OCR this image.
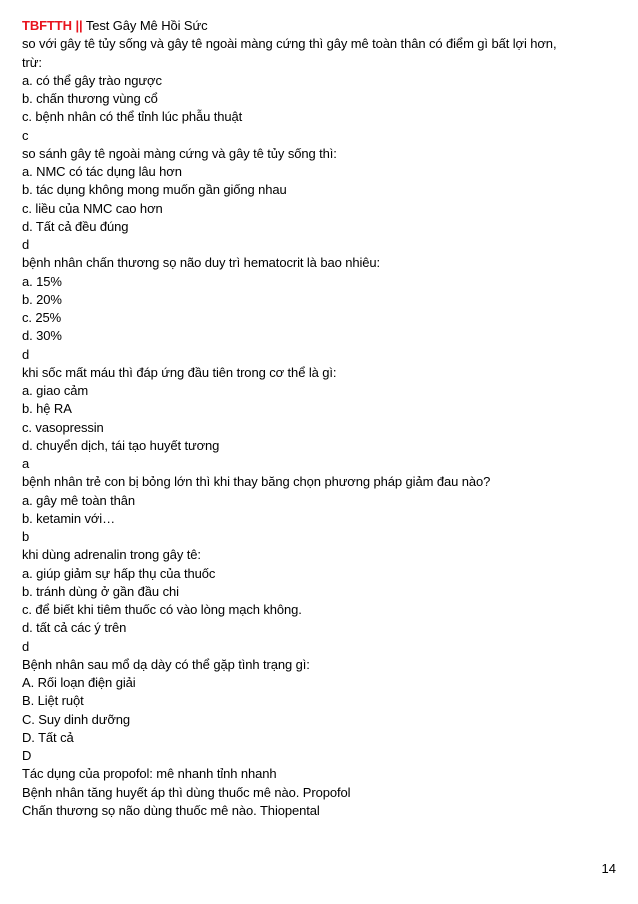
TBFTTH || Test Gây Mê Hồi Sức
so với gây tê tủy sống và gây tê ngoài màng cứng thì gây mê toàn thân có điểm gì bất lợi hơn,
trừ:
a. có thể gây trào ngược
b. chấn thương vùng cổ
c. bệnh nhân có thể tỉnh lúc phẫu thuật
c
so sánh gây tê ngoài màng cứng và gây tê tủy sống thì:
a. NMC có tác dụng lâu hơn
b. tác dụng không mong muốn gần giống nhau
c. liều của NMC cao hơn
d. Tất cả đều đúng
d
bệnh nhân chấn thương sọ não duy trì hematocrit là bao nhiêu:
a. 15%
b. 20%
c. 25%
d. 30%
d
khi sốc mất máu thì đáp ứng đầu tiên trong cơ thể là gì:
a. giao cảm
b. hệ RA
c. vasopressin
d. chuyển dịch, tái tạo huyết tương
a
bệnh nhân trẻ con bị bỏng lớn thì khi thay băng chọn phương pháp giảm đau nào?
a. gây mê toàn thân
b. ketamin với…
b
khi dùng adrenalin trong gây tê:
a. giúp giảm sự hấp thụ của thuốc
b. tránh dùng ở gần đầu chi
c. để biết khi tiêm thuốc có vào lòng mạch không.
d. tất cả các ý trên
d
Bệnh nhân sau mổ dạ dày có thể gặp tình trạng gì:
A. Rối loạn điện giải
B. Liệt ruột
C. Suy dinh dưỡng
D. Tất cả
D
Tác dụng của propofol: mê nhanh tỉnh nhanh
Bệnh nhân tăng huyết áp thì dùng thuốc mê nào. Propofol
Chấn thương sọ não dùng thuốc mê nào. Thiopental
14
